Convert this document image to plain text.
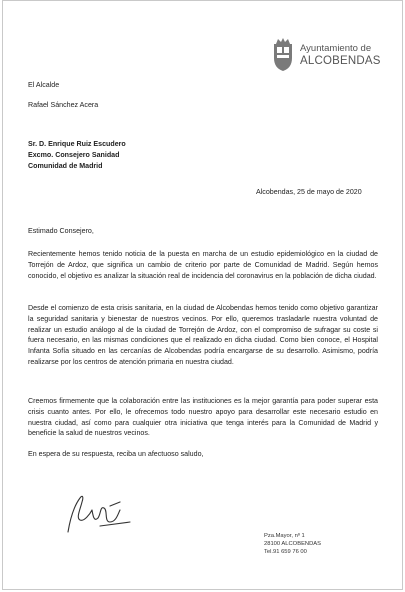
Ayuntamiento de
ALCOBENDAS
El Alcalde
Rafael Sánchez Acera
Sr. D. Enrique Ruiz Escudero
Excmo. Consejero Sanidad
Comunidad de Madrid
Alcobendas, 25 de mayo de 2020
Estimado Consejero,
Recientemente hemos tenido noticia de la puesta en marcha de un estudio epidemiológico en la ciudad de Torrejón de Ardoz, que significa un cambio de criterio por parte de Comunidad de Madrid. Según hemos conocido, el objetivo es analizar la situación real de incidencia del coronavirus en la población de dicha ciudad.
Desde el comienzo de esta crisis sanitaria, en la ciudad de Alcobendas hemos tenido como objetivo garantizar la seguridad sanitaria y bienestar de nuestros vecinos. Por ello, queremos trasladarle nuestra voluntad de realizar un estudio análogo al de la ciudad de Torrejón de Ardoz, con el compromiso de sufragar su coste si fuera necesario, en las mismas condiciones que el realizado en dicha ciudad. Como bien conoce, el Hospital Infanta Sofía situado en las cercanías de Alcobendas podría encargarse de su desarrollo. Asimismo, podría realizarse por los centros de atención primaria en nuestra ciudad.
Creemos firmemente que la colaboración entre las instituciones es la mejor garantía para poder superar esta crisis cuanto antes. Por ello, le ofrecemos todo nuestro apoyo para desarrollar este necesario estudio en nuestra ciudad, así como para cualquier otra iniciativa que tenga interés para la Comunidad de Madrid y beneficie la salud de nuestros vecinos.
En espera de su respuesta, reciba un afectuoso saludo,
Pza.Mayor, nº 1
28100 ALCOBENDAS
Tel.91 659 76 00
